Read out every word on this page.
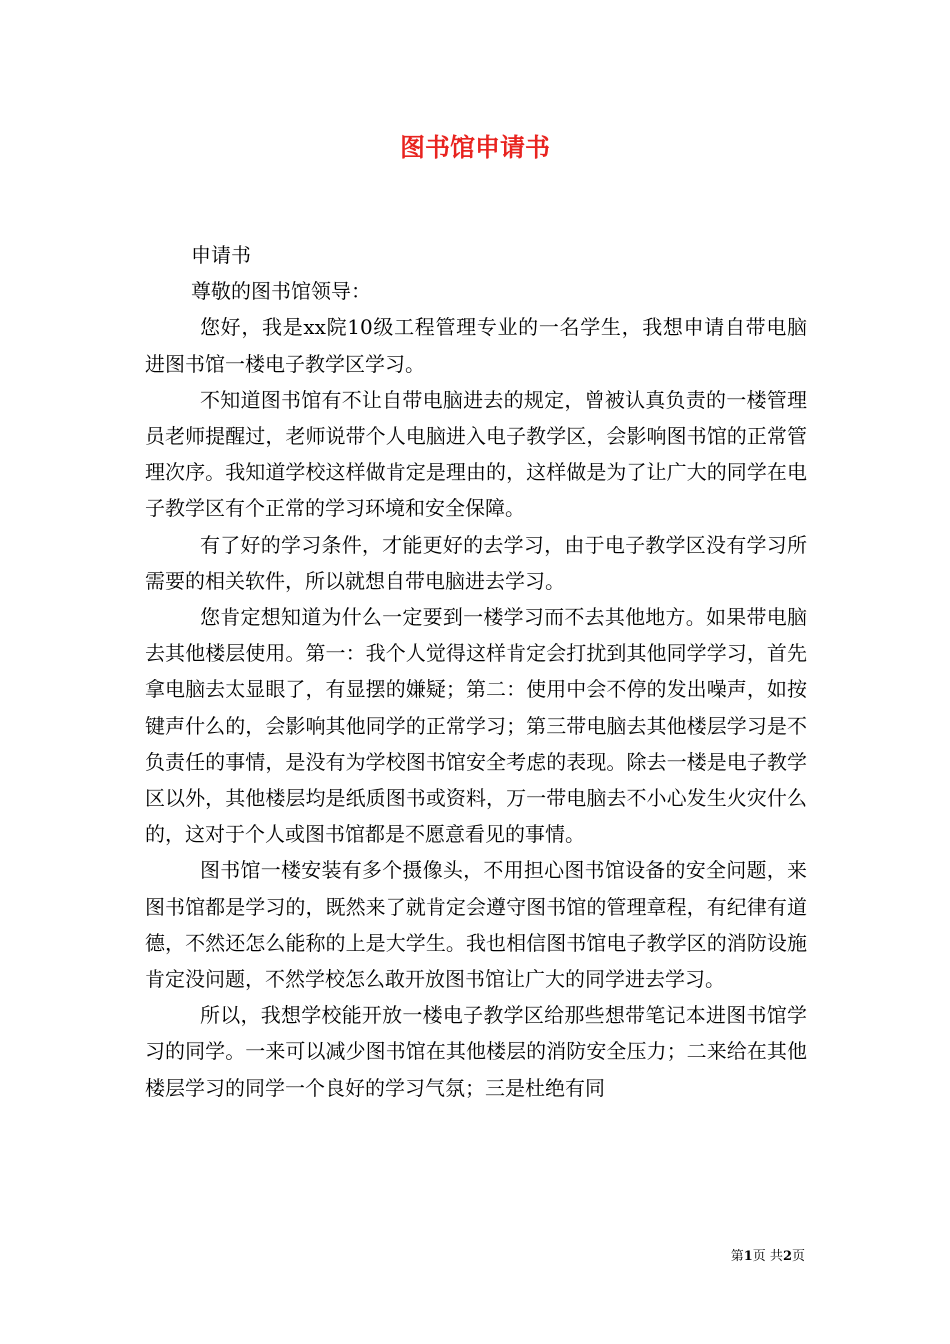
图书馆申请书

申请书

尊敬的图书馆领导：

您好，我是xx院10级工程管理专业的一名学生，我想申请自带电脑进图书馆一楼电子教学区学习。

不知道图书馆有不让自带电脑进去的规定，曾被认真负责的一楼管理员老师提醒过，老师说带个人电脑进入电子教学区，会影响图书馆的正常管理次序。我知道学校这样做肯定是理由的，这样做是为了让广大的同学在电子教学区有个正常的学习环境和安全保障。

有了好的学习条件，才能更好的去学习，由于电子教学区没有学习所需要的相关软件，所以就想自带电脑进去学习。

您肯定想知道为什么一定要到一楼学习而不去其他地方。如果带电脑去其他楼层使用。第一：我个人觉得这样肯定会打扰到其他同学学习，首先拿电脑去太显眼了，有显摆的嫌疑；第二：使用中会不停的发出噪声，如按键声什么的，会影响其他同学的正常学习；第三带电脑去其他楼层学习是不负责任的事情，是没有为学校图书馆安全考虑的表现。除去一楼是电子教学区以外，其他楼层均是纸质图书或资料，万一带电脑去不小心发生火灾什么的，这对于个人或图书馆都是不愿意看见的事情。

图书馆一楼安装有多个摄像头，不用担心图书馆设备的安全问题，来图书馆都是学习的，既然来了就肯定会遵守图书馆的管理章程，有纪律有道德，不然还怎么能称的上是大学生。我也相信图书馆电子教学区的消防设施肯定没问题，不然学校怎么敢开放图书馆让广大的同学进去学习。

所以，我想学校能开放一楼电子教学区给那些想带笔记本进图书馆学习的同学。一来可以减少图书馆在其他楼层的消防安全压力；二来给在其他楼层学习的同学一个良好的学习气氛；三是杜绝有同

第1页 共2页
